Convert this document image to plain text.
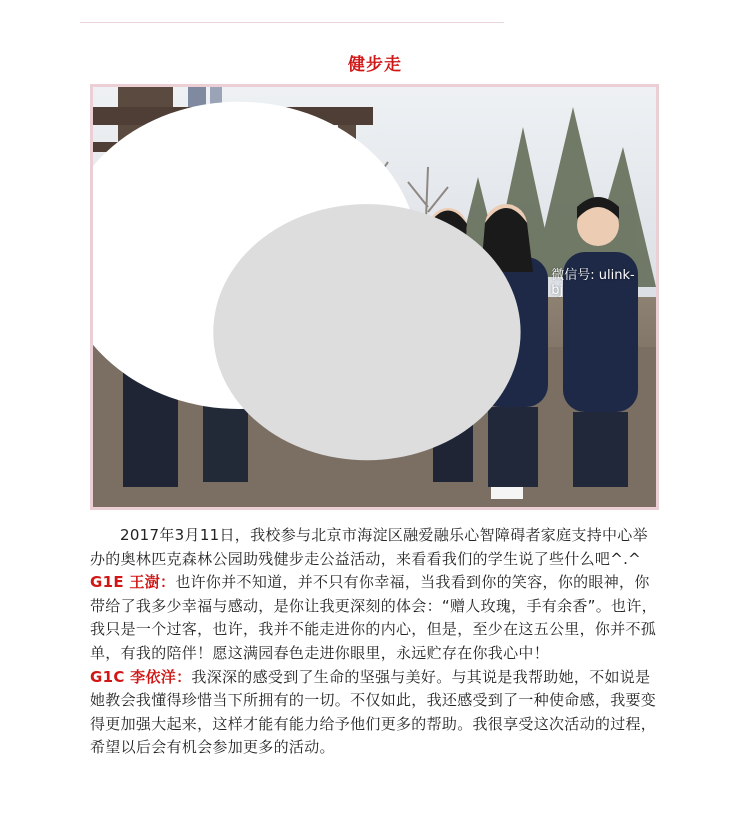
健步走
微信号: ulink-bj

2017年3月11日，我校参与北京市海淀区融爱融乐心智障碍者家庭支持中心举办的奥林匹克森林公园助残健步走公益活动，来看看我们的学生说了些什么吧^.^

G1E 王澍：也许你并不知道，并不只有你幸福，当我看到你的笑容，你的眼神，你带给了我多少幸福与感动，是你让我更深刻的体会：“赠人玫瑰，手有余香”。也许，我只是一个过客，也许，我并不能走进你的内心，但是，至少在这五公里，你并不孤单，有我的陪伴！愿这满园春色走进你眼里，永远贮存在你我心中！

G1C 李依洋：我深深的感受到了生命的坚强与美好。与其说是我帮助她，不如说是她教会我懂得珍惜当下所拥有的一切。不仅如此，我还感受到了一种使命感，我要变得更加强大起来，这样才能有能力给予他们更多的帮助。我很享受这次活动的过程，希望以后会有机会参加更多的活动。
